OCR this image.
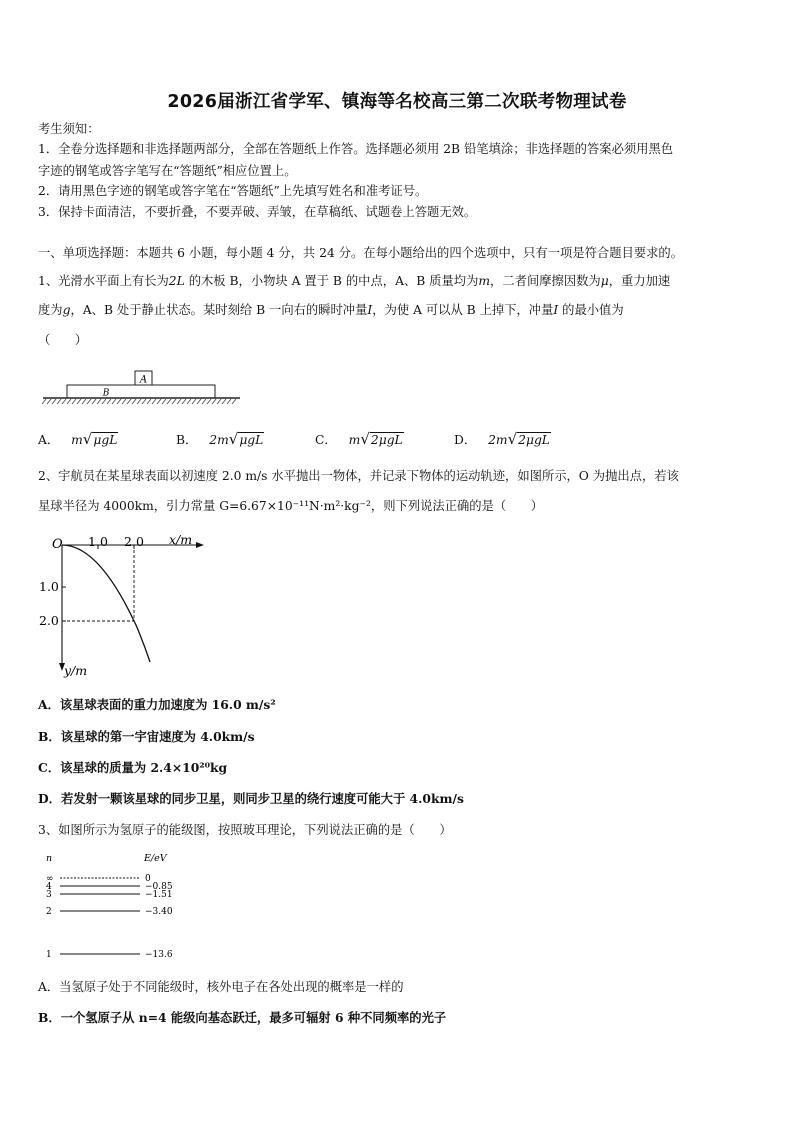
2026届浙江省学军、镇海等名校高三第二次联考物理试卷
考生须知：
1．全卷分选择题和非选择题两部分，全部在答题纸上作答。选择题必须用 2B 铅笔填涂；非选择题的答案必须用黑色
字迹的钢笔或答字笔写在“答题纸”相应位置上。
2．请用黑色字迹的钢笔或答字笔在“答题纸”上先填写姓名和准考证号。
3．保持卡面清洁，不要折叠，不要弄破、弄皱，在草稿纸、试题卷上答题无效。
一、单项选择题：本题共 6 小题，每小题 4 分，共 24 分。在每小题给出的四个选项中，只有一项是符合题目要求的。
1、光滑水平面上有长为2L 的木板 B，小物块 A 置于 B 的中点，A、B 质量均为m，二者间摩擦因数为μ，重力加速
度为g，A、B 处于静止状态。某时刻给 B 一向右的瞬时冲量I，为使 A 可以从 B 上掉下，冲量I 的最小值为
（　　）
A
B
A． m√μgL	B． 2m√μgL	C． m√2μgL	D． 2m√2μgL
2、宇航员在某星球表面以初速度 2.0 m/s 水平抛出一物体，并记录下物体的运动轨迹，如图所示，O 为抛出点，若该
星球半径为 4000km，引力常量 G=6.67×10⁻¹¹N·m²·kg⁻²，则下列说法正确的是（　　）
O 1.0 2.0 x/m
1.0
2.0
y/m
A．该星球表面的重力加速度为 16.0 m/s²
B．该星球的第一宇宙速度为 4.0km/s
C．该星球的质量为 2.4×10²⁰kg
D．若发射一颗该星球的同步卫星，则同步卫星的绕行速度可能大于 4.0km/s
3、如图所示为氢原子的能级图，按照玻耳理论，下列说法正确的是（　　）
n	E/eV
∞	0
4	−0.85
3	−1.51
2	−3.40
1	−13.6
A．当氢原子处于不同能级时，核外电子在各处出现的概率是一样的
B．一个氢原子从 n=4 能级向基态跃迁，最多可辐射 6 种不同频率的光子
